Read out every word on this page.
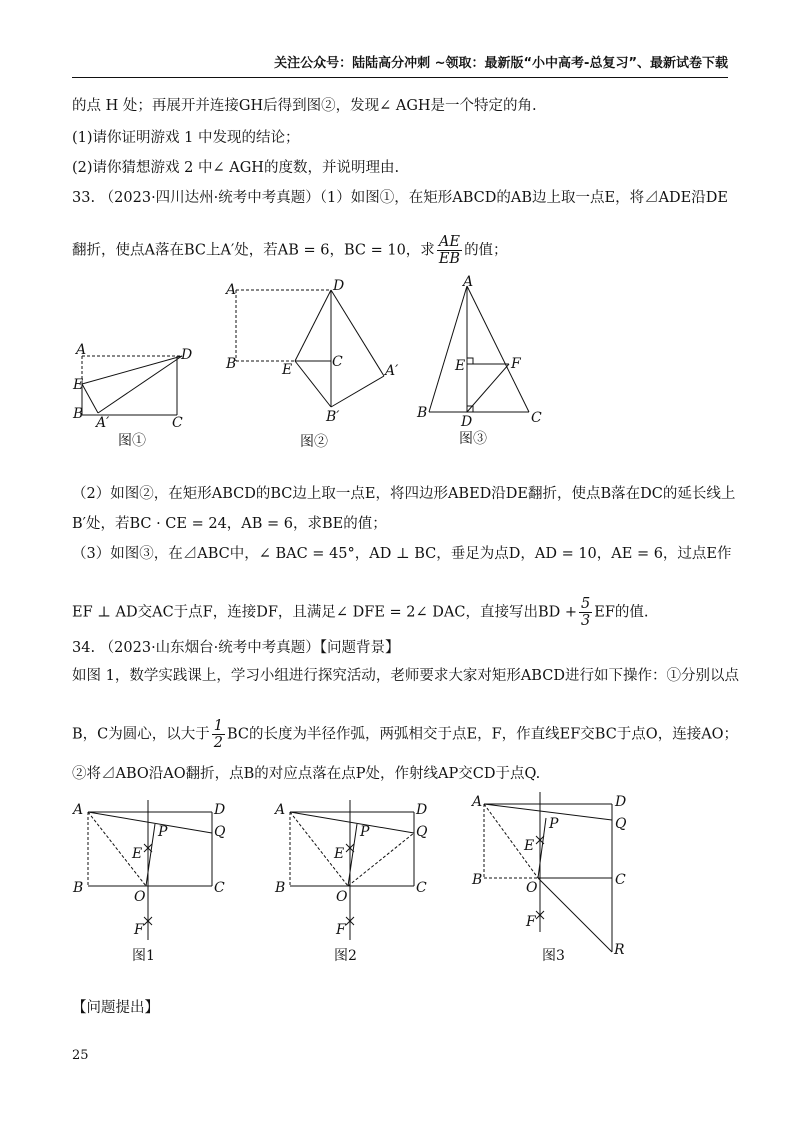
关注公众号：陆陆高分冲刺 ~领取：最新版“小中高考-总复习”、最新试卷下载
的点 H 处；再展开并连接GH后得到图②，发现∠ AGH是一个特定的角.
(1)请你证明游戏 1 中发现的结论；
(2)请你猜想游戏 2 中∠ AGH的度数，并说明理由.
33. （2023·四川达州·统考中考真题）（1）如图①，在矩形ABCD的AB边上取一点E，将⊿ADE沿DE
翻折，使点A落在BC上A′处，若AB = 6，BC = 10，求 $\frac{AE}{EB}$ 的值；
A	D
E
B
A′	C
图①
A	D
B	C
E	A′
B′
图②
A
E	F
B	C
D
图③
（2）如图②，在矩形ABCD的BC边上取一点E，将四边形ABED沿DE翻折，使点B落在DC的延长线上
B′处，若BC · CE = 24，AB = 6，求BE的值；
（3）如图③，在⊿ABC中，∠ BAC = 45°，AD ⊥ BC，垂足为点D，AD = 10，AE = 6，过点E作
EF ⊥ AD交AC于点F，连接DF，且满足∠ DFE = 2∠ DAC，直接写出BD + $\frac{5}{3}$ EF的值.
34. （2023·山东烟台·统考中考真题）【问题背景】
如图 1，数学实践课上，学习小组进行探究活动，老师要求大家对矩形ABCD进行如下操作：①分别以点
B，C为圆心，以大于 $\frac{1}{2}$ BC的长度为半径作弧，两弧相交于点E，F，作直线EF交BC于点O，连接AO；
②将⊿ABO沿AO翻折，点B的对应点落在点P处，作射线AP交CD于点Q.
A	D
P	Q
E
B	C
O
F
图1
A	D
P	Q
E
B	C
O
F
图2
A	D
P	Q
E
B	C
O
F
R
图3
【问题提出】
25
